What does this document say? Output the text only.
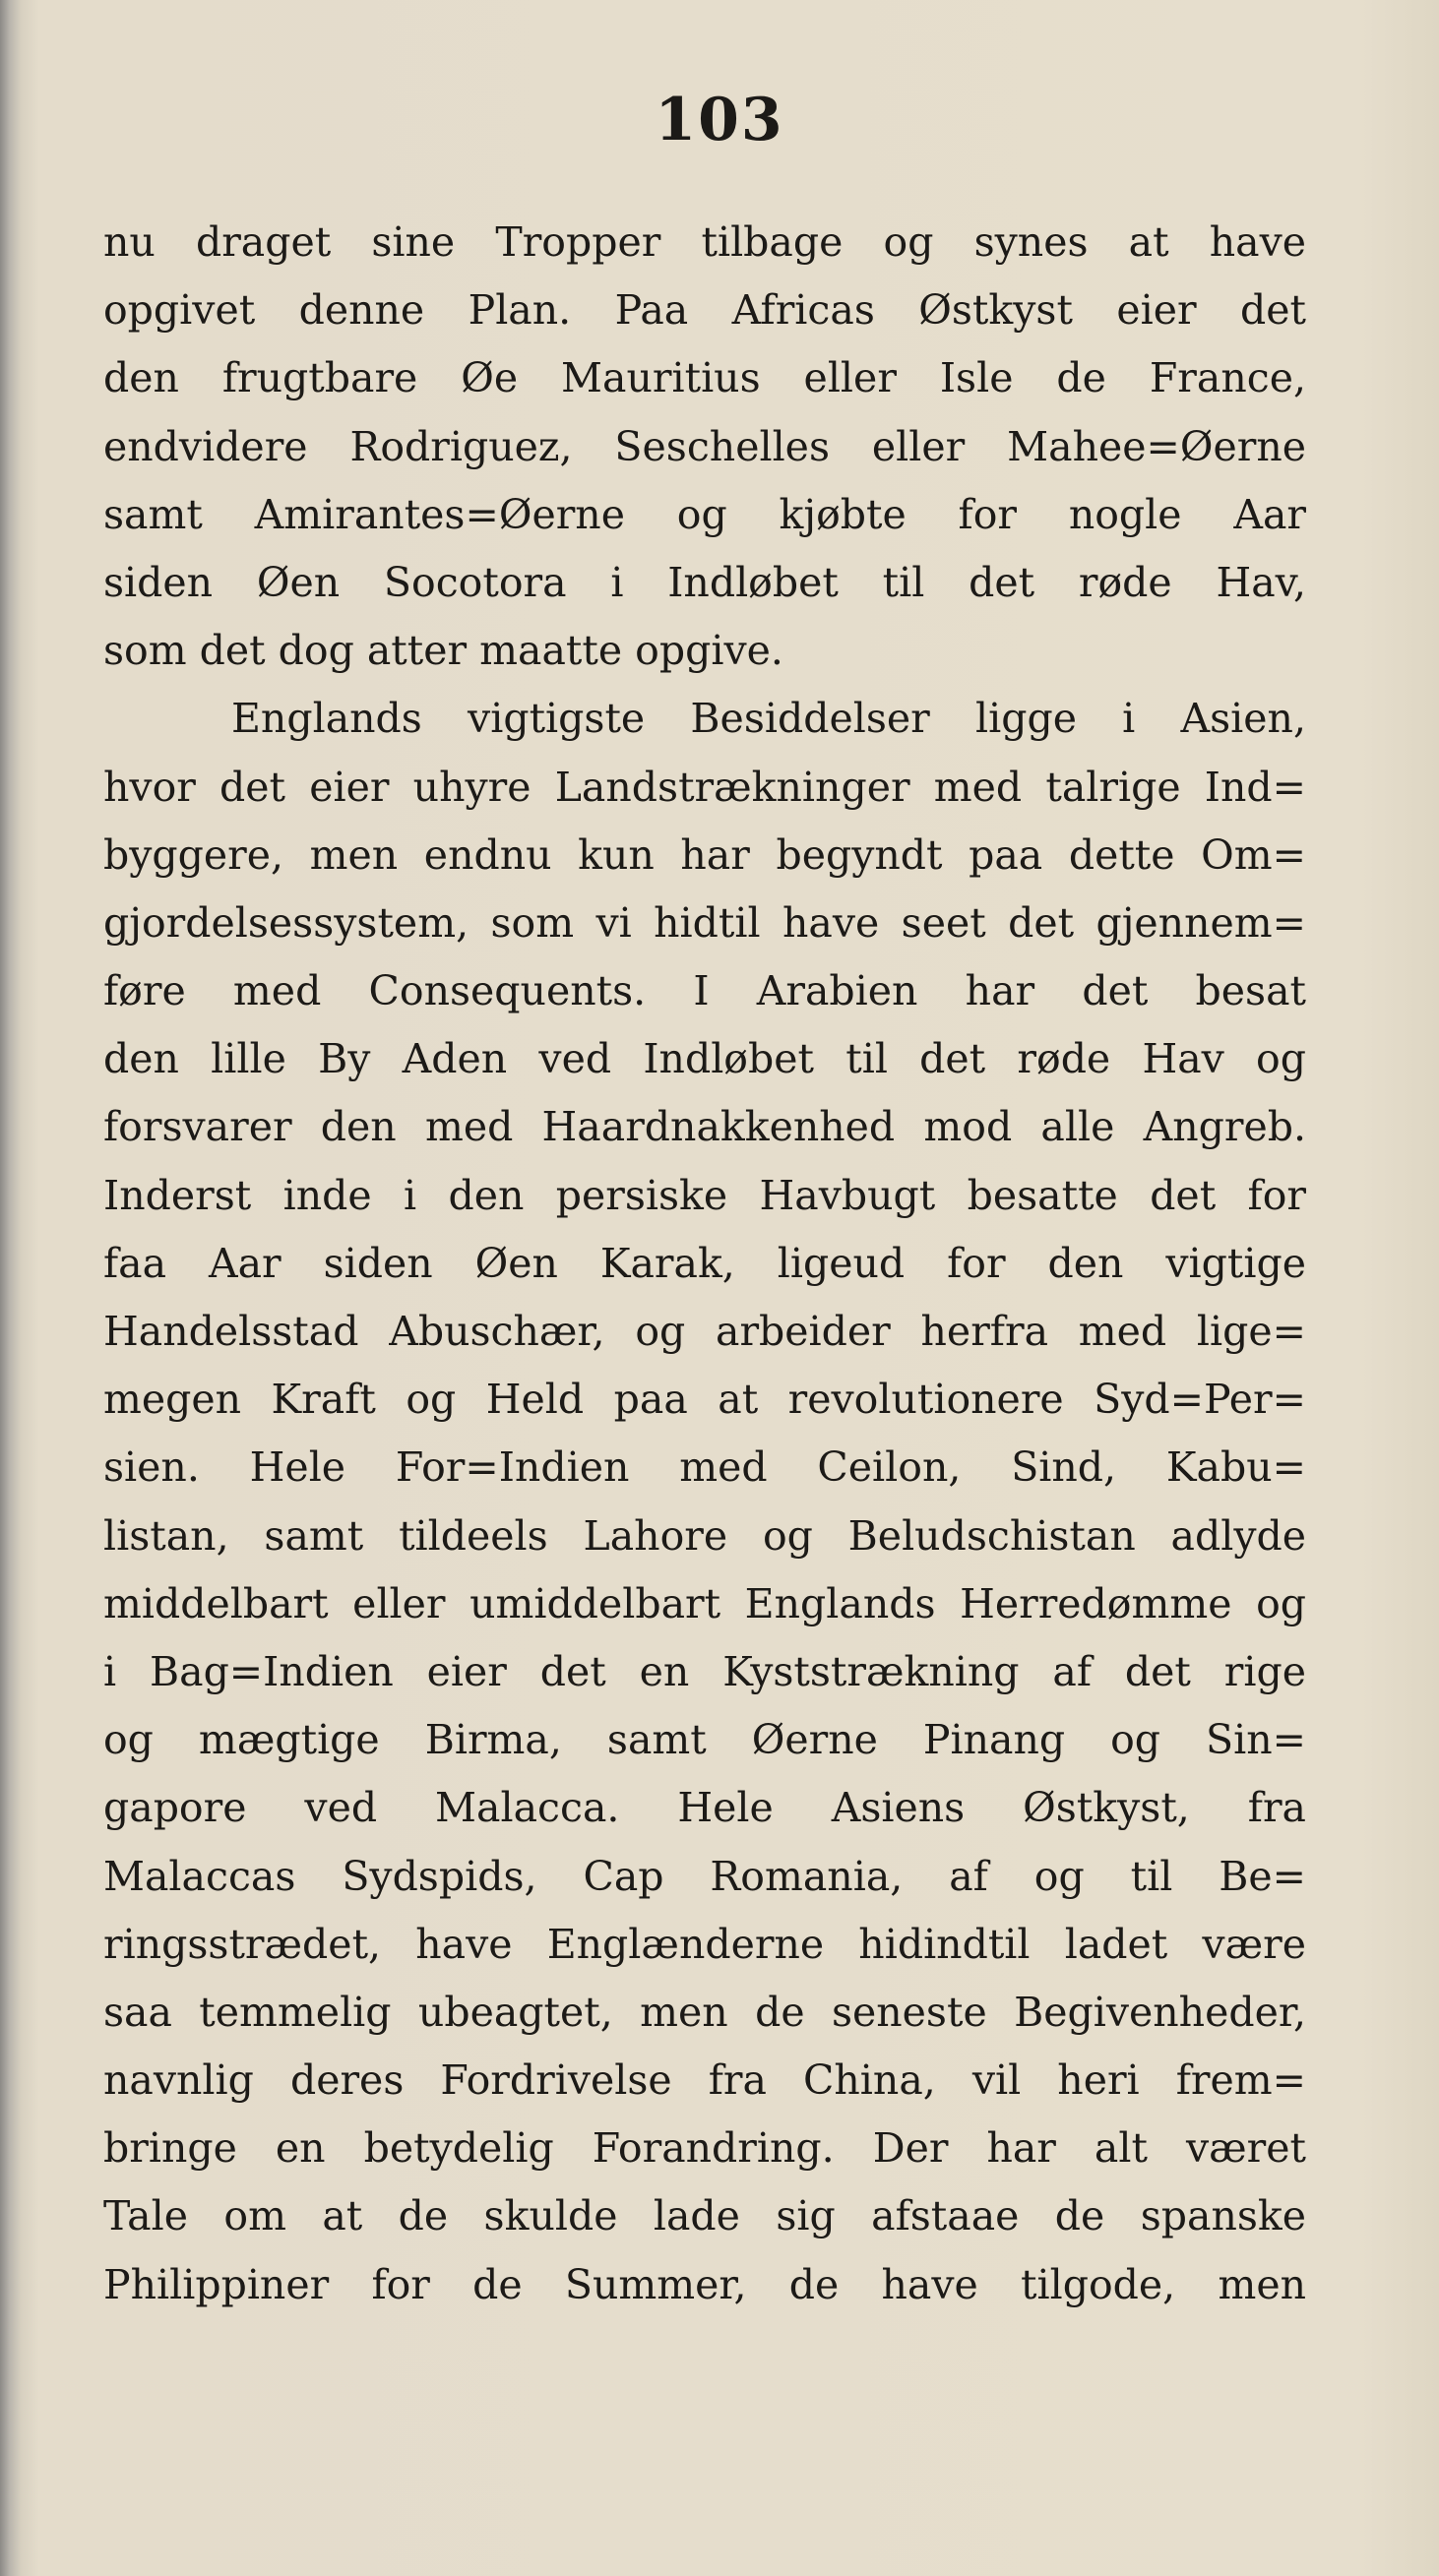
103
nu draget sine Tropper tilbage og synes at have
opgivet denne Plan. Paa Africas Østkyst eier det
den frugtbare Øe Mauritius eller Isle de France,
endvidere Rodriguez, Seschelles eller Mahee=Øerne
samt Amirantes=Øerne og kjøbte for nogle Aar
siden Øen Socotora i Indløbet til det røde Hav,
som det dog atter maatte opgive.
Englands vigtigste Besiddelser ligge i Asien,
hvor det eier uhyre Landstrækninger med talrige Ind=
byggere, men endnu kun har begyndt paa dette Om=
gjordelsessystem, som vi hidtil have seet det gjennem=
føre med Consequents. I Arabien har det besat
den lille By Aden ved Indløbet til det røde Hav og
forsvarer den med Haardnakkenhed mod alle Angreb.
Inderst inde i den persiske Havbugt besatte det for
faa Aar siden Øen Karak, ligeud for den vigtige
Handelsstad Abuschær, og arbeider herfra med lige=
megen Kraft og Held paa at revolutionere Syd=Per=
sien. Hele For=Indien med Ceilon, Sind, Kabu=
listan, samt tildeels Lahore og Beludschistan adlyde
middelbart eller umiddelbart Englands Herredømme og
i Bag=Indien eier det en Kyststrækning af det rige
og mægtige Birma, samt Øerne Pinang og Sin=
gapore ved Malacca. Hele Asiens Østkyst, fra
Malaccas Sydspids, Cap Romania, af og til Be=
ringsstrædet, have Englænderne hidindtil ladet være
saa temmelig ubeagtet, men de seneste Begivenheder,
navnlig deres Fordrivelse fra China, vil heri frem=
bringe en betydelig Forandring. Der har alt været
Tale om at de skulde lade sig afstaae de spanske
Philippiner for de Summer, de have tilgode, men
